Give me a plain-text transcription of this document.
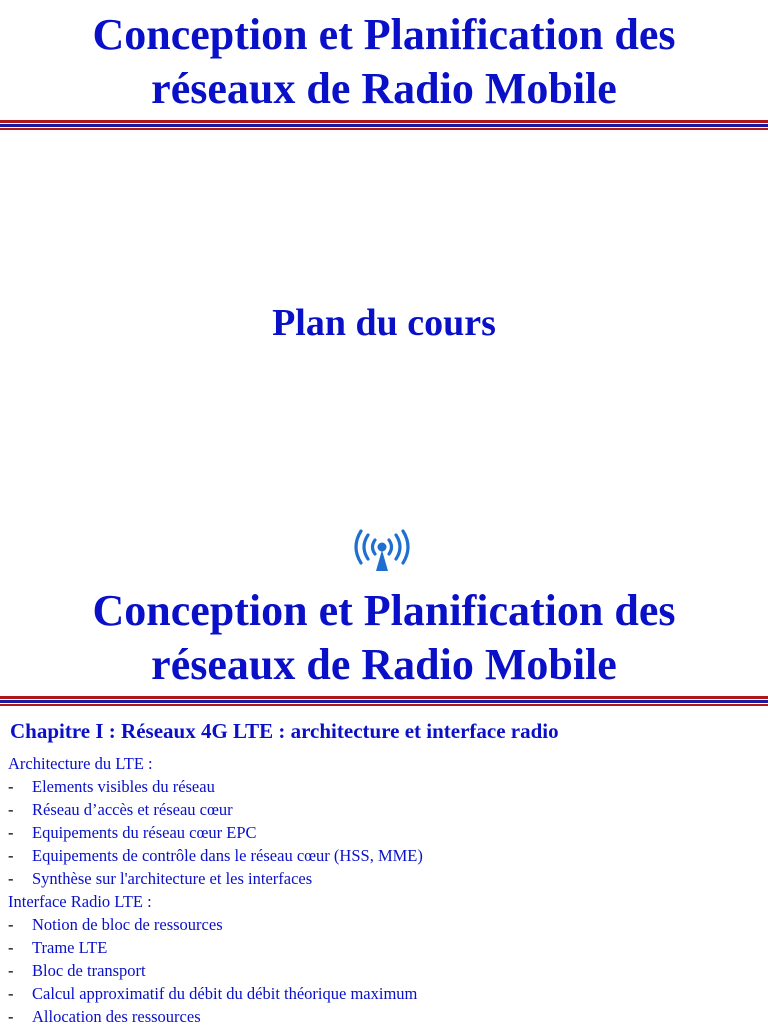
Conception et Planification des
réseaux de Radio Mobile
Plan du cours
Conception et Planification des
réseaux de Radio Mobile
Chapitre I : Réseaux 4G LTE : architecture et interface radio
Architecture du LTE :
- Elements visibles du réseau
- Réseau d’accès et réseau cœur
- Equipements du réseau cœur EPC
- Equipements de contrôle dans le réseau cœur (HSS, MME)
- Synthèse sur l'architecture et les interfaces
Interface Radio LTE :
- Notion de bloc de ressources
- Trame LTE
- Bloc de transport
- Calcul approximatif du débit du débit théorique maximum
- Allocation des ressources
